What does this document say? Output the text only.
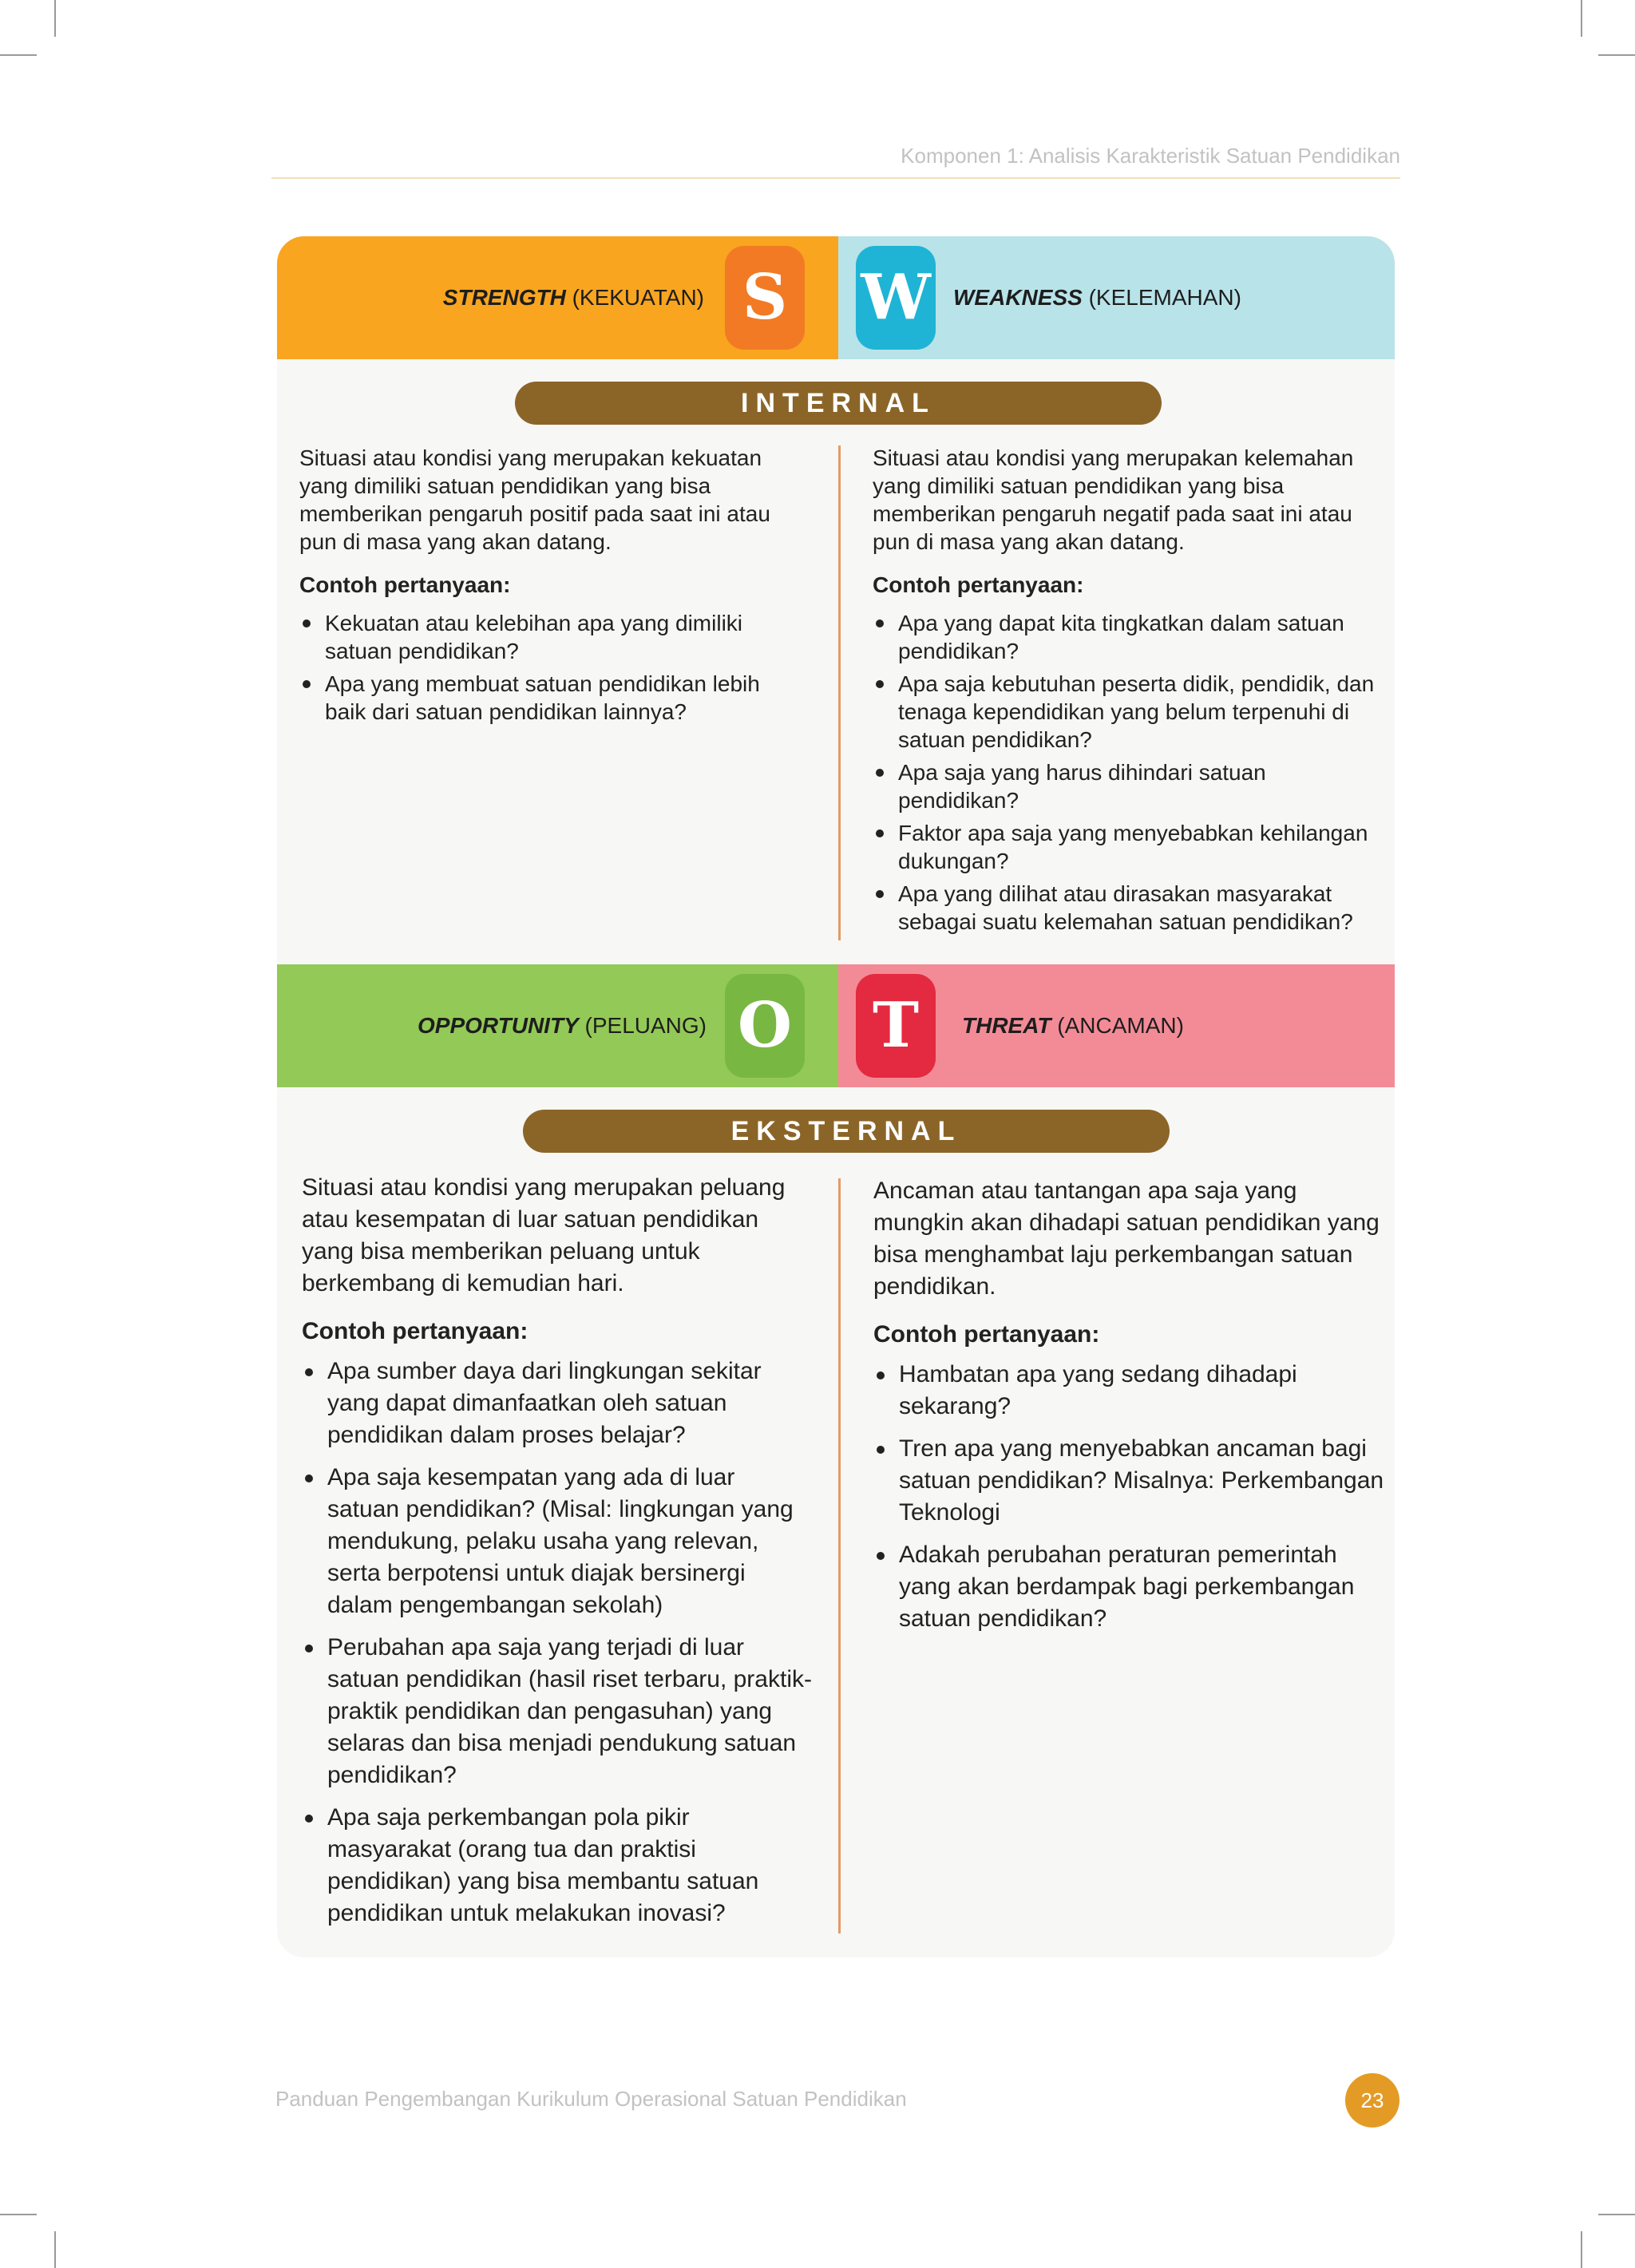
Komponen 1: Analisis Karakteristik Satuan Pendidikan
STRENGTH (KEKUATAN) S W WEAKNESS (KELEMAHAN)
INTERNAL

Situasi atau kondisi yang merupakan kekuatan yang dimiliki satuan pendidikan yang bisa memberikan pengaruh positif pada saat ini atau pun di masa yang akan datang.

Contoh pertanyaan:

Kekuatan atau kelebihan apa yang dimiliki satuan pendidikan?
Apa yang membuat satuan pendidikan lebih baik dari satuan pendidikan lainnya?

Situasi atau kondisi yang merupakan kelemahan yang dimiliki satuan pendidikan yang bisa memberikan pengaruh negatif pada saat ini atau pun di masa yang akan datang.

Contoh pertanyaan:

Apa yang dapat kita tingkatkan dalam satuan pendidikan?
Apa saja kebutuhan peserta didik, pendidik, dan tenaga kependidikan yang belum terpenuhi di satuan pendidikan?
Apa saja yang harus dihindari satuan pendidikan?
Faktor apa saja yang menyebabkan kehilangan dukungan?
Apa yang dilihat atau dirasakan masyarakat sebagai suatu kelemahan satuan pendidikan?
OPPORTUNITY (PELUANG) O T	THREAT (ANCAMAN)
EKSTERNAL

Situasi atau kondisi yang merupakan peluang atau kesempatan di luar satuan pendidikan yang bisa memberikan peluang untuk berkembang di kemudian hari.

Contoh pertanyaan:

Apa sumber daya dari lingkungan sekitar yang dapat dimanfaatkan oleh satuan pendidikan dalam proses belajar?
Apa saja kesempatan yang ada di luar satuan pendidikan? (Misal: lingkungan yang mendukung, pelaku usaha yang relevan, serta berpotensi untuk diajak bersinergi dalam pengembangan sekolah)
Perubahan apa saja yang terjadi di luar satuan pendidikan (hasil riset terbaru, praktik- praktik pendidikan dan pengasuhan) yang selaras dan bisa menjadi pendukung satuan pendidikan?
Apa saja perkembangan pola pikir masyarakat (orang tua dan praktisi pendidikan) yang bisa membantu satuan pendidikan untuk melakukan inovasi?

Ancaman atau tantangan apa saja yang mungkin akan dihadapi satuan pendidikan yang bisa menghambat laju perkembangan satuan pendidikan.

Contoh pertanyaan:

Hambatan apa yang sedang dihadapi sekarang?
Tren apa yang menyebabkan ancaman bagi satuan pendidikan? Misalnya: Perkembangan Teknologi
Adakah perubahan peraturan pemerintah yang akan berdampak bagi perkembangan satuan pendidikan?
Panduan Pengembangan Kurikulum Operasional Satuan Pendidikan	23
